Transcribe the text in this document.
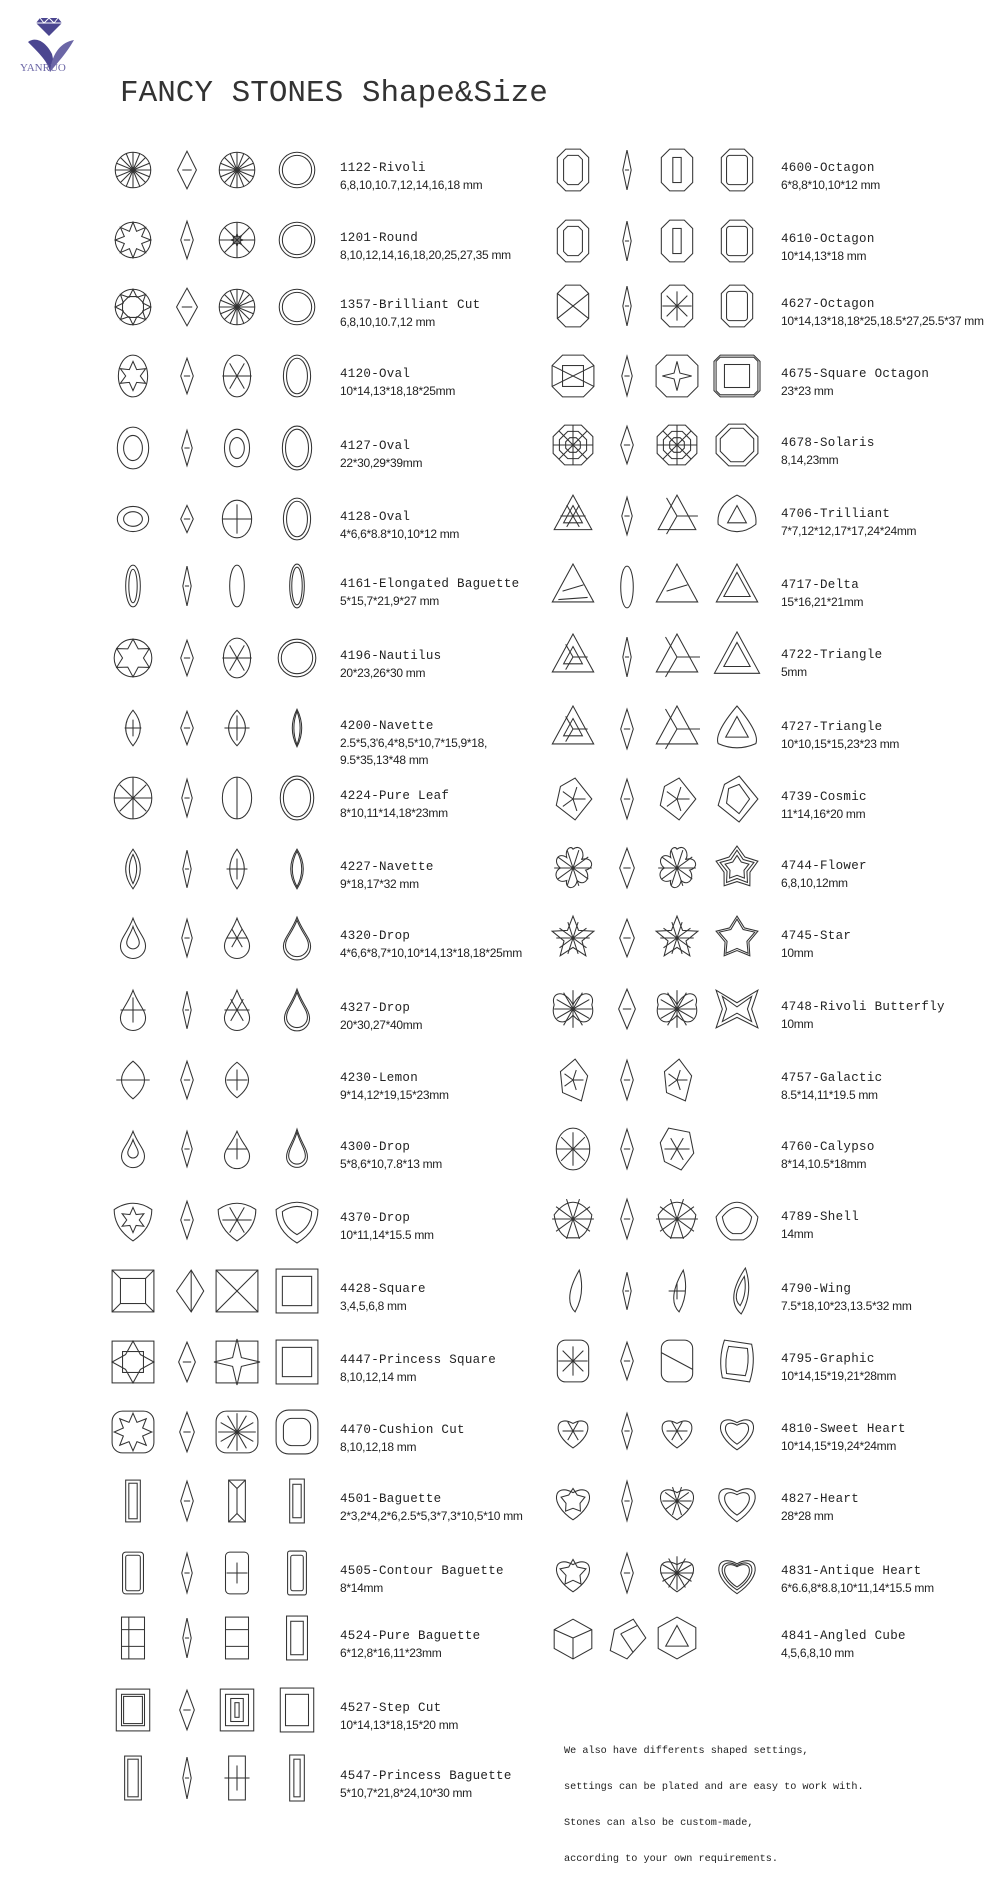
YANRUO
FANCY STONES Shape&Size
1122-Rivoli
6,8,10,10.7,12,14,16,18 mm
1201-Round
8,10,12,14,16,18,20,25,27,35 mm
1357-Brilliant Cut
6,8,10,10.7,12 mm
4120-Oval
10*14,13*18,18*25mm
4127-Oval
22*30,29*39mm
4128-Oval
4*6,6*8.8*10,10*12 mm
4161-Elongated Baguette
5*15,7*21,9*27 mm
4196-Nautilus
20*23,26*30 mm
4200-Navette
2.5*5,3'6,4*8,5*10,7*15,9*18,
9.5*35,13*48 mm
4224-Pure Leaf
8*10,11*14,18*23mm
4227-Navette
9*18,17*32 mm
4320-Drop
4*6,6*8,7*10,10*14,13*18,18*25mm
4327-Drop
20*30,27*40mm
4230-Lemon
9*14,12*19,15*23mm
4300-Drop
5*8,6*10,7.8*13 mm
4370-Drop
10*11,14*15.5 mm
4428-Square
3,4,5,6,8 mm
4447-Princess Square
8,10,12,14 mm
4470-Cushion Cut
8,10,12,18 mm
4501-Baguette
2*3,2*4,2*6,2.5*5,3*7,3*10,5*10 mm
4505-Contour Baguette
8*14mm
4524-Pure Baguette
6*12,8*16,11*23mm
4527-Step Cut
10*14,13*18,15*20 mm
4547-Princess Baguette
5*10,7*21,8*24,10*30 mm
4600-Octagon
6*8,8*10,10*12 mm
4610-Octagon
10*14,13*18 mm
4627-Octagon
10*14,13*18,18*25,18.5*27,25.5*37 mm
4675-Square Octagon
23*23 mm
4678-Solaris
8,14,23mm
4706-Trilliant
7*7,12*12,17*17,24*24mm
4717-Delta
15*16,21*21mm
4722-Triangle
5mm
4727-Triangle
10*10,15*15,23*23 mm
4739-Cosmic
11*14,16*20 mm
4744-Flower
6,8,10,12mm
4745-Star
10mm
4748-Rivoli Butterfly
10mm
4757-Galactic
8.5*14,11*19.5 mm
4760-Calypso
8*14,10.5*18mm
4789-Shell
14mm
4790-Wing
7.5*18,10*23,13.5*32 mm
4795-Graphic
10*14,15*19,21*28mm
4810-Sweet Heart
10*14,15*19,24*24mm
4827-Heart
28*28 mm
4831-Antique Heart
6*6.6,8*8.8,10*11,14*15.5 mm
4841-Angled Cube
4,5,6,8,10 mm

We also have differents shaped settings,

settings can be plated and are easy to work with.

Stones can also be custom-made,

according to your own requirements.
